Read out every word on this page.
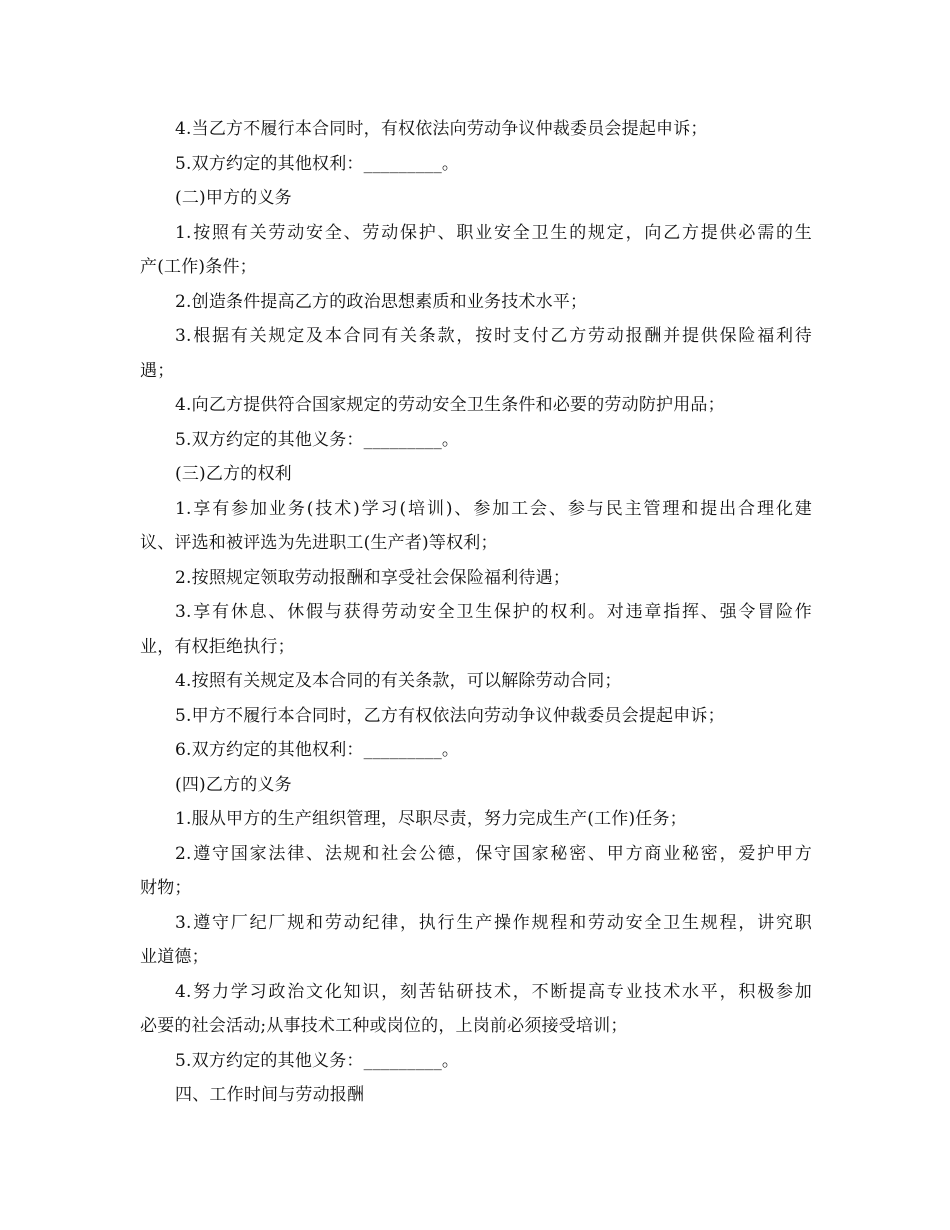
4.当乙方不履行本合同时，有权依法向劳动争议仲裁委员会提起申诉；
5.双方约定的其他权利：_________。
(二)甲方的义务
1.按照有关劳动安全、劳动保护、职业安全卫生的规定，向乙方提供必需的生
产(工作)条件；
2.创造条件提高乙方的政治思想素质和业务技术水平；
3.根据有关规定及本合同有关条款，按时支付乙方劳动报酬并提供保险福利待
遇；
4.向乙方提供符合国家规定的劳动安全卫生条件和必要的劳动防护用品；
5.双方约定的其他义务：_________。
(三)乙方的权利
1.享有参加业务(技术)学习(培训)、参加工会、参与民主管理和提出合理化建
议、评选和被评选为先进职工(生产者)等权利；
2.按照规定领取劳动报酬和享受社会保险福利待遇；
3.享有休息、休假与获得劳动安全卫生保护的权利。对违章指挥、强令冒险作
业，有权拒绝执行；
4.按照有关规定及本合同的有关条款，可以解除劳动合同；
5.甲方不履行本合同时，乙方有权依法向劳动争议仲裁委员会提起申诉；
6.双方约定的其他权利：_________。
(四)乙方的义务
1.服从甲方的生产组织管理，尽职尽责，努力完成生产(工作)任务；
2.遵守国家法律、法规和社会公德，保守国家秘密、甲方商业秘密，爱护甲方
财物；
3.遵守厂纪厂规和劳动纪律，执行生产操作规程和劳动安全卫生规程，讲究职
业道德；
4.努力学习政治文化知识，刻苦钻研技术，不断提高专业技术水平，积极参加
必要的社会活动;从事技术工种或岗位的，上岗前必须接受培训；
5.双方约定的其他义务：_________。
四、工作时间与劳动报酬
